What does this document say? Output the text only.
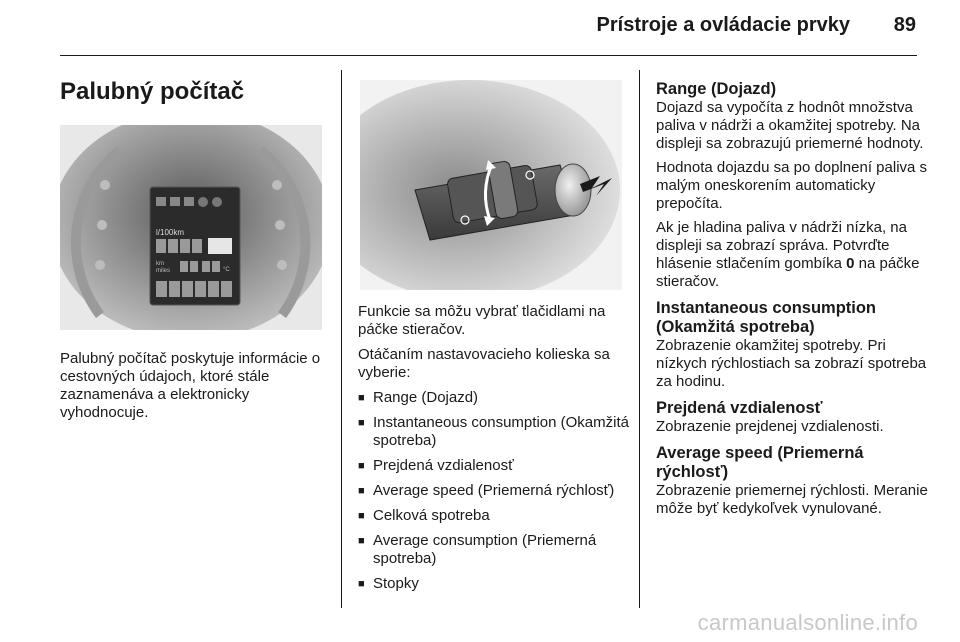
Prístroje a ovládacie prvky 89
Palubný počítač
l/100km
km
miles	°C

Palubný počítač poskytuje informácie o cestovných údajoch, ktoré stále zaznamenáva a elektronicky vyhodnocuje.

Funkcie sa môžu vybrať tlačidlami na páčke stieračov.

Otáčaním nastavovacieho kolieska sa vyberie:

■ Range (Dojazd)
■ Instantaneous consumption (Okamžitá spotreba)
■ Prejdená vzdialenosť
■ Average speed (Priemerná rýchlosť)
■ Celková spotreba
■ Average consumption (Priemerná spotreba)
■ Stopky
Range (Dojazd)

Dojazd sa vypočíta z hodnôt množstva paliva v nádrži a okamžitej spotreby. Na displeji sa zobrazujú priemerné hodnoty.

Hodnota dojazdu sa po doplnení paliva s malým oneskorením automaticky prepočíta.

Ak je hladina paliva v nádrži nízka, na displeji sa zobrazí správa. Potvrďte hlásenie stlačením gombíka 0 na páčke stieračov.

Instantaneous consumption (Okamžitá spotreba)

Zobrazenie okamžitej spotreby. Pri nízkych rýchlostiach sa zobrazí spotreba za hodinu.

Prejdená vzdialenosť

Zobrazenie prejdenej vzdialenosti.

Average speed (Priemerná rýchlosť)

Zobrazenie priemernej rýchlosti. Meranie môže byť kedykoľvek vynulované.

carmanualsonline.info
